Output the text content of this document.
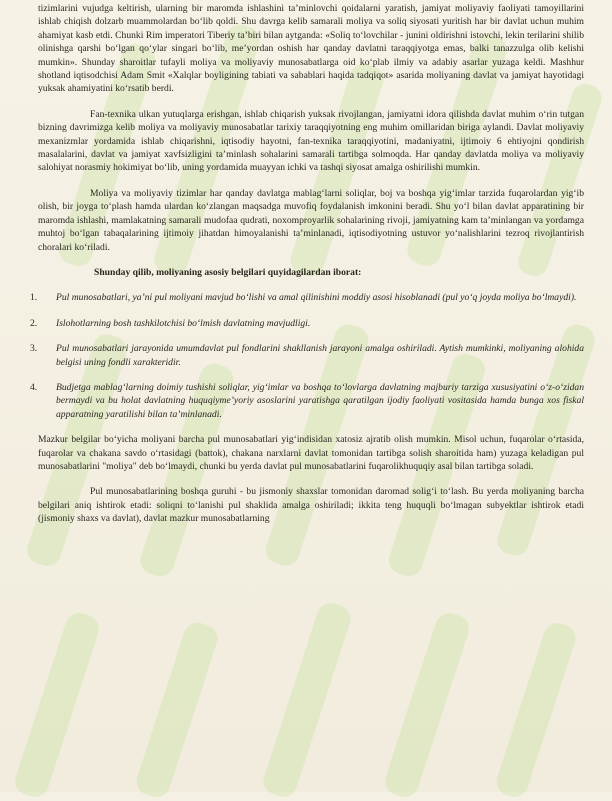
tizimlarini vujudga keltirish, ularning bir maromda ishlashini ta’minlovchi qoidalarni yaratish, jamiyat moliyaviy faoliyati tamoyillarini ishlab chiqish dolzarb muammolardan bo‘lib qoldi. Shu davrga kelib samarali moliya va soliq siyosati yuritish har bir davlat uchun muhim ahamiyat kasb etdi. Chunki Rim imperatori Tiberiy ta’biri bilan aytganda: «Soliq to‘lovchilar - junini oldirishni istovchi, lekin terilarini shilib olinishga qarshi bo‘lgan qo‘ylar singari bo‘lib, me’yordan oshish har qanday davlatni taraqqiyotga emas, balki tanazzulga olib kelishi mumkin». Shunday sharoitlar tufayli moliya va moliyaviy munosabatlarga oid ko‘plab ilmiy va adabiy asarlar yuzaga keldi. Mashhur shotland iqtisodchisi Adam Smit «Xalqlar boyligining tabiati va sabablari haqida tadqiqot» asarida moliyaning davlat va jamiyat hayotidagi yuksak ahamiyatini ko‘rsatib berdi.

Fan-texnika ulkan yutuqlarga erishgan, ishlab chiqarish yuksak rivojlangan, jamiyatni idora qilishda davlat muhim o‘rin tutgan bizning davrimizga kelib moliya va moliyaviy munosabatlar tarixiy taraqqiyotning eng muhim omillaridan biriga aylandi. Davlat moliyaviy mexanizmlar yordamida ishlab chiqarishni, iqtisodiy hayotni, fan-texnika taraqqiyotini, madaniyatni, ijtimoiy 6 ehtiyojni qondirish masalalarini, davlat va jamiyat xavfsizligini ta’minlash sohalarini samarali tartibga solmoqda. Har qanday davlatda moliya va moliyaviy salohiyat norasmiy hokimiyat bo‘lib, uning yordamida muayyan ichki va tashqi siyosat amalga oshirilishi mumkin.

Moliya va moliyaviy tizimlar har qanday davlatga mablag‘larni soliqlar, boj va boshqa yig‘imlar tarzida fuqarolardan yig‘ib olish, bir joyga to‘plash hamda ulardan ko‘zlangan maqsadga muvofiq foydalanish imkonini beradi. Shu yo‘l bilan davlat apparatining bir maromda ishlashi, mamlakatning samarali mudofaa qudrati, noxomproyarlik sohalarining rivoji, jamiyatning kam ta’minlangan va yordamga muhtoj bo‘lgan tabaqalarining ijtimoiy jihatdan himoyalanishi ta’minlanadi, iqtisodiyotning ustuvor yo‘nalishlarini tezroq rivojlantirish choralari ko‘riladi.

Shunday qilib, moliyaning asosiy belgilari quyidagilardan iborat:
1.	Pul munosabatlari, ya’ni pul moliyani mavjud bo‘lishi va amal qilinishini moddiy asosi hisoblanadi (pul yo‘q joyda moliya bo‘lmaydi).
2.	Islohotlarning bosh tashkilotchisi bo‘lmish davlatning mavjudligi.
3.	Pul munosabatlari jarayonida umumdavlat pul fondlarini shakllanish jarayoni amalga oshiriladi. Aytish mumkinki, moliyaning alohida belgisi uning fondli xarakteridir.
4.	Budjetga mablag‘larning doimiy tushishi soliqlar, yig‘imlar va boshqa to‘lovlarga davlatning majburiy tarziga xususiyatini o‘z-o‘zidan bermaydi va bu holat davlatning huquqiyme’yoriy asoslarini yaratishga qaratilgan ijodiy faoliyati vositasida hamda bunga xos fiskal apparatning yaratilishi bilan ta’minlanadi.

Mazkur belgilar bo‘yicha moliyani barcha pul munosabatlari yig‘indisidan xatosiz ajratib olish mumkin. Misol uchun, fuqarolar o‘rtasida, fuqarolar va chakana savdo o‘rtasidagi (bаttоk), chakana narxlarni davlat tomonidan tartibga solish sharoitida ham) yuzaga keladigan pul munosabatlarini "moliya" deb bo‘lmaydi, chunki bu yerda davlat pul munosabatlarini fuqarolikhuquqiy asal bilan tartibga soladi.

Pul munosabatlarining boshqa guruhi - bu jismoniy shaxslar tomonidan daromad solig‘i to‘lash. Bu yerda moliyaning barcha belgilari aniq ishtirok etadi: soliqni to‘lanishi pul shaklida amalga oshiriladi; ikkita teng huquqli bo‘lmagan subyektlar ishtirok etadi (jismoniy shaxs va davlat), davlat mazkur munosabatlarning
